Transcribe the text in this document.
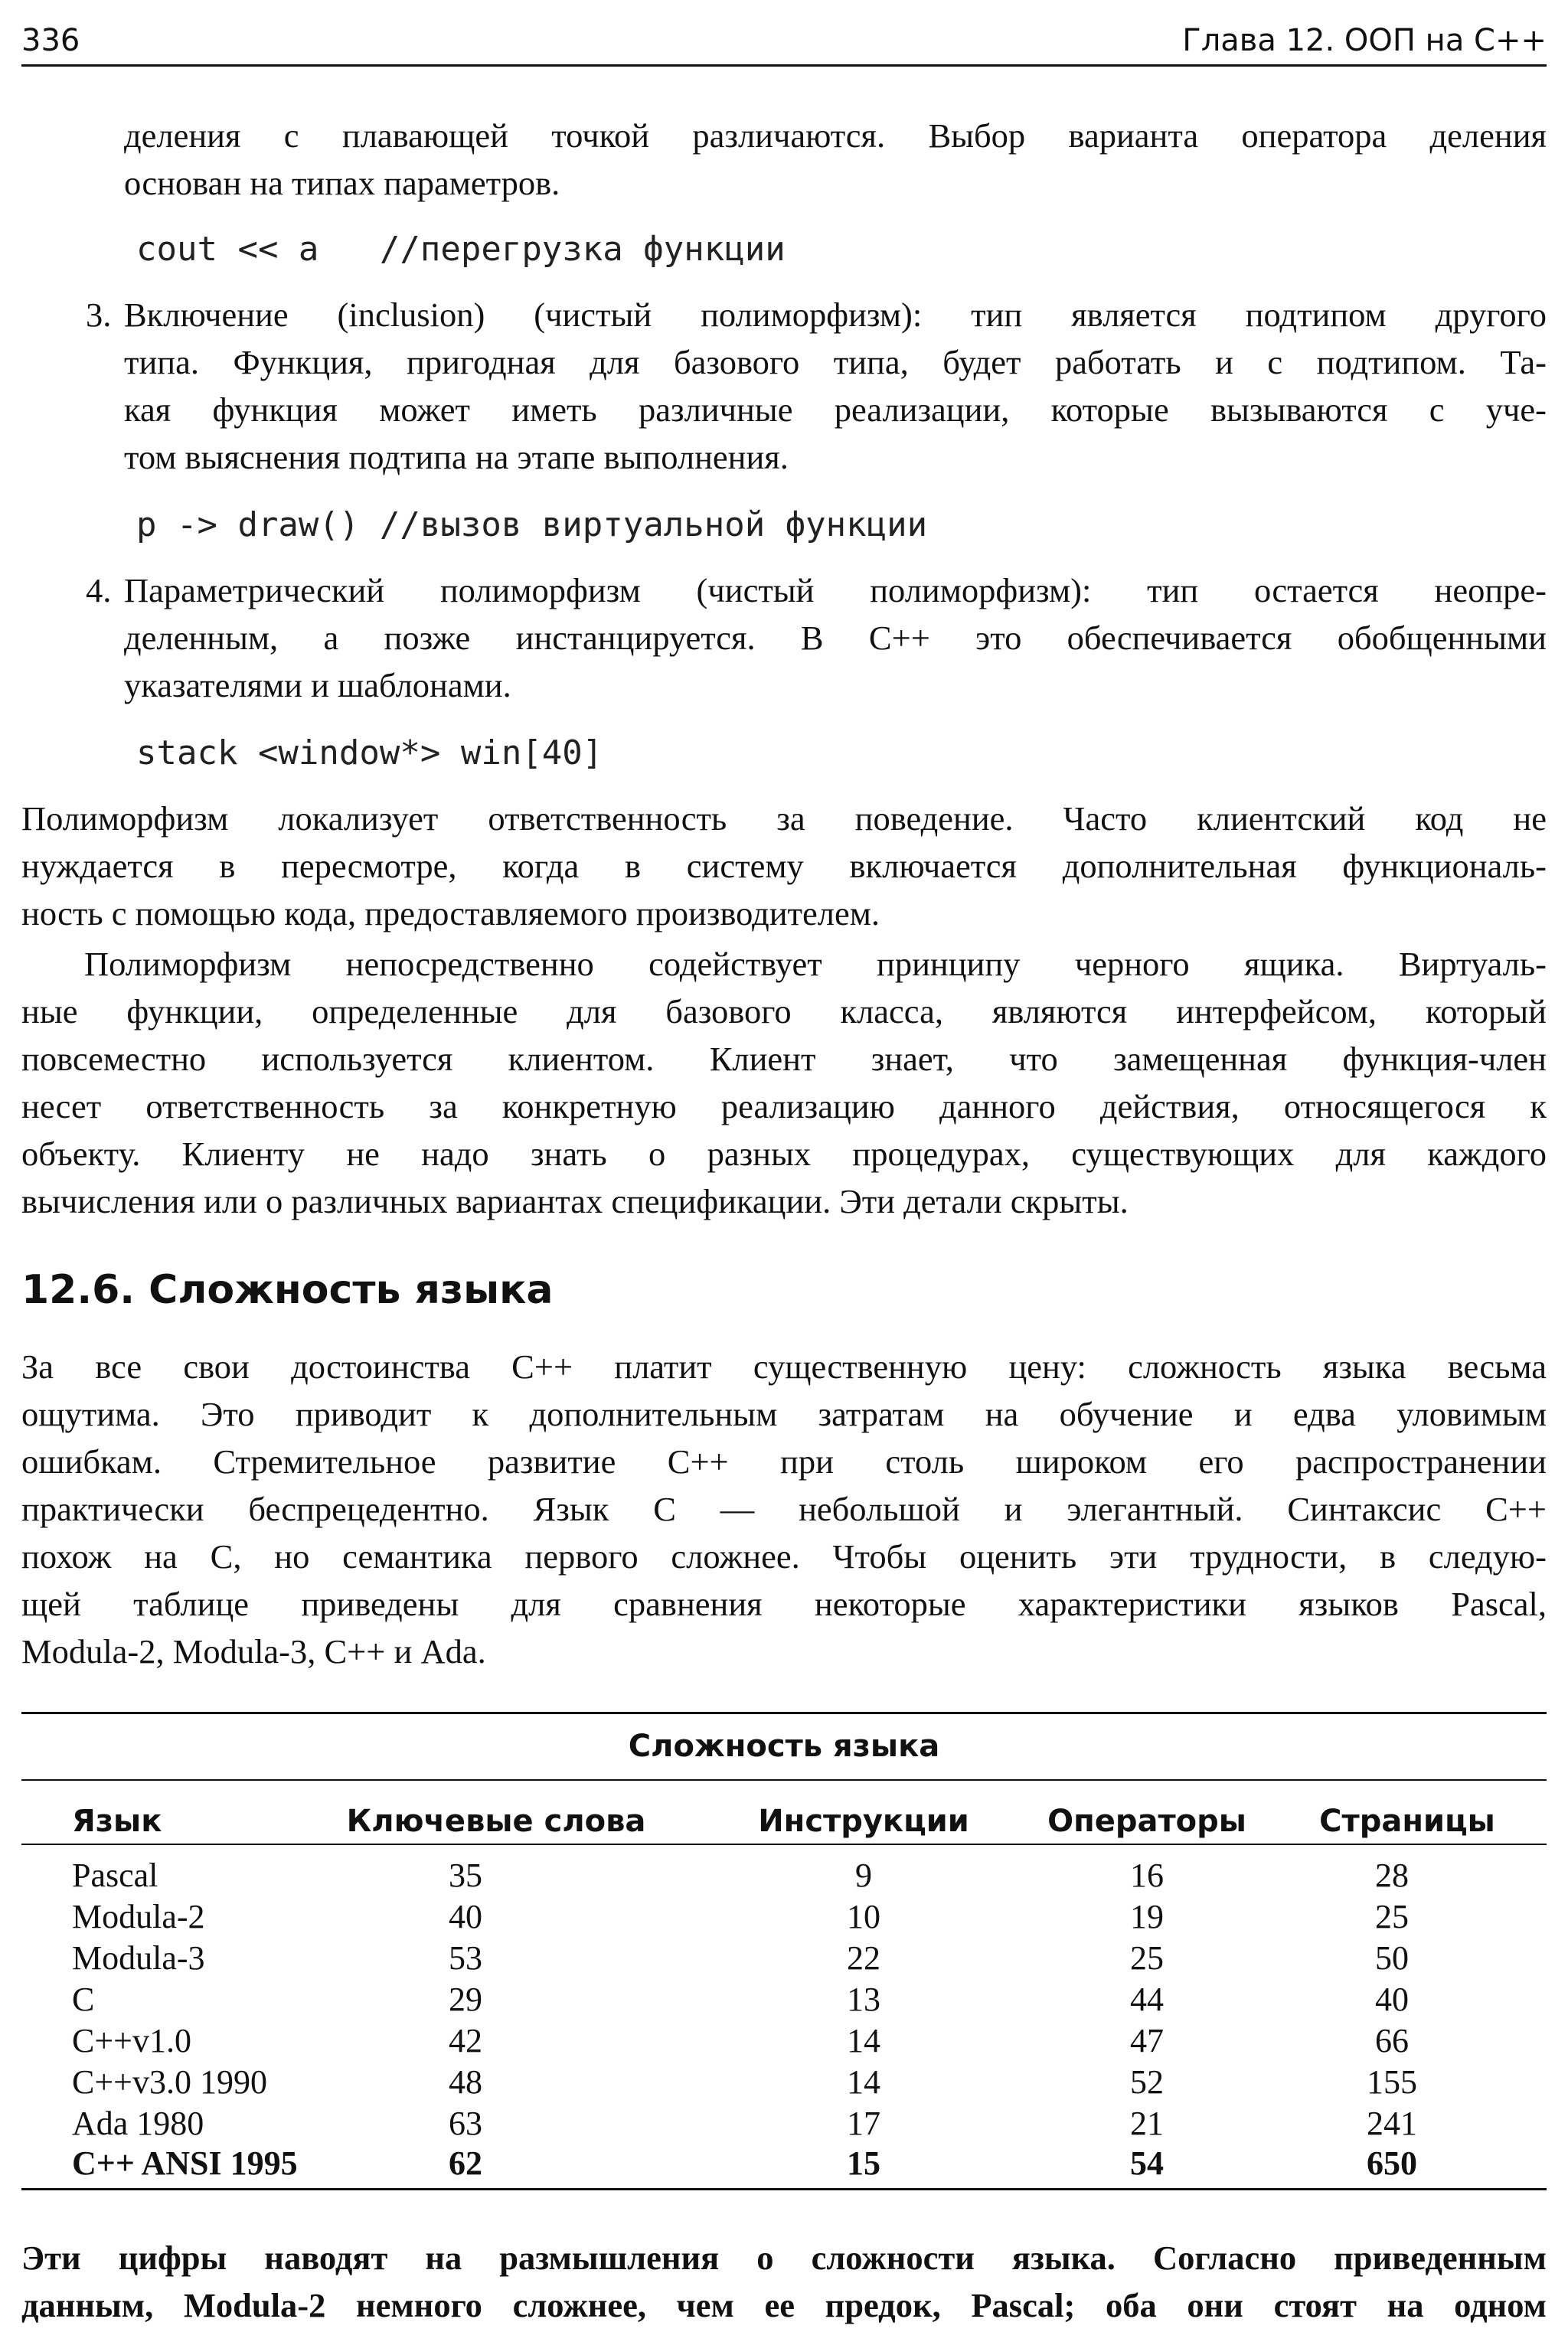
336	Глава 12. ООП на С++
деления с плавающей точкой различаются. Выбор варианта оператора деления
основан на типах параметров.
cout << a   //перегрузка функции
3. Включение (inclusion) (чистый полиморфизм): тип является подтипом другого
типа. Функция, пригодная для базового типа, будет работать и с подтипом. Та-
кая функция может иметь различные реализации, которые вызываются с уче-
том выяснения подтипа на этапе выполнения.
p -> draw() //вызов виртуальной функции
4. Параметрический полиморфизм (чистый полиморфизм): тип остается неопре-
деленным, а позже инстанцируется. В С++ это обеспечивается обобщенными
указателями и шаблонами.
stack <window*> win[40]
Полиморфизм локализует ответственность за поведение. Часто клиентский код не
нуждается в пересмотре, когда в систему включается дополнительная функциональ-
ность с помощью кода, предоставляемого производителем.
Полиморфизм непосредственно содействует принципу черного ящика. Виртуаль-
ные функции, определенные для базового класса, являются интерфейсом, который
повсеместно используется клиентом. Клиент знает, что замещенная функция-член
несет ответственность за конкретную реализацию данного действия, относящегося к
объекту. Клиенту не надо знать о разных процедурах, существующих для каждого
вычисления или о различных вариантах спецификации. Эти детали скрыты.
12.6. Сложность языка
За все свои достоинства С++ платит существенную цену: сложность языка весьма
ощутима. Это приводит к дополнительным затратам на обучение и едва уловимым
ошибкам. Стремительное развитие С++ при столь широком его распространении
практически беспрецедентно. Язык С — небольшой и элегантный. Синтаксис С++
похож на С, но семантика первого сложнее. Чтобы оценить эти трудности, в следую-
щей таблице приведены для сравнения некоторые характеристики языков Pascal,
Modula-2, Modula-3, С++ и Ada.
Сложность языка
Язык	Ключевые слова	Инструкции	Операторы	Страницы
Pascal	35	9	16	28
Modula-2	40	10	19	25
Modula-3	53	22	25	50
C	29	13	44	40
C++v1.0	42	14	47	66
C++v3.0 1990	48	14	52	155
Ada 1980	63	17	21	241
C++ ANSI 1995	62	15	54	650
Эти цифры наводят на размышления о сложности языка. Согласно приведенным
данным, Modula-2 немного сложнее, чем ее предок, Pascal; оба они стоят на одном
